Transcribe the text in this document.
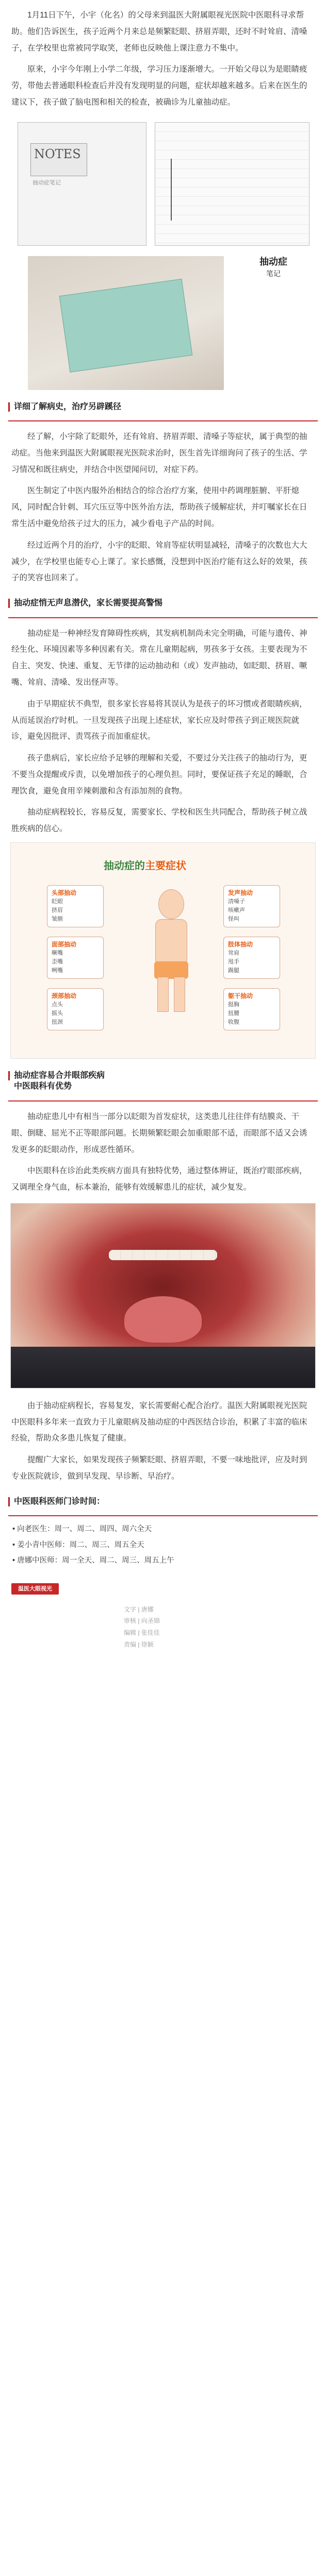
1月11日下午，小宇（化名）的父母来到温医大附属眼视光医院中医眼科寻求帮助。他们告诉医生，孩子近两个月来总是频繁眨眼、挤眉弄眼，还时不时耸肩、清嗓子，在学校里也常被同学取笑，老师也反映他上课注意力不集中。

原来，小宇今年刚上小学二年级，学习压力逐渐增大。一开始父母以为是眼睛疲劳，带他去普通眼科检查后并没有发现明显的问题，症状却越来越多。后来在医生的建议下，孩子做了脑电图和相关的检查，被确诊为儿童抽动症。

NOTES
抽动症笔记
抽动症
笔记
详细了解病史，治疗另辟蹊径

经了解，小宇除了眨眼外，还有耸肩、挤眉弄眼、清嗓子等症状，属于典型的抽动症。当他来到温医大附属眼视光医院求治时，医生首先详细询问了孩子的生活、学习情况和既往病史，并结合中医望闻问切，对症下药。

医生制定了中医内服外治相结合的综合治疗方案，使用中药调理脏腑、平肝熄风，同时配合针刺、耳穴压豆等中医外治方法，帮助孩子缓解症状，并叮嘱家长在日常生活中避免给孩子过大的压力，减少看电子产品的时间。

经过近两个月的治疗，小宇的眨眼、耸肩等症状明显减轻，清嗓子的次数也大大减少，在学校里也能专心上课了。家长感慨，没想到中医治疗能有这么好的效果，孩子的笑容也回来了。

抽动症悄无声息潜伏，家长需要提高警惕

抽动症是一种神经发育障碍性疾病，其发病机制尚未完全明确，可能与遗传、神经生化、环境因素等多种因素有关。常在儿童期起病，男孩多于女孩。主要表现为不自主、突发、快速、重复、无节律的运动抽动和（或）发声抽动，如眨眼、挤眉、噘嘴、耸肩、清嗓、发出怪声等。

由于早期症状不典型，很多家长容易将其误认为是孩子的坏习惯或者眼睛疾病，从而延误治疗时机。一旦发现孩子出现上述症状，家长应及时带孩子到正规医院就诊，避免因批评、责骂孩子而加重症状。

孩子患病后，家长应给予足够的理解和关爱，不要过分关注孩子的抽动行为，更不要当众提醒或斥责，以免增加孩子的心理负担。同时，要保证孩子充足的睡眠，合理饮食，避免食用辛辣刺激和含有添加剂的食物。

抽动症病程较长，容易反复，需要家长、学校和医生共同配合，帮助孩子树立战胜疾病的信心。

抽动症的主要症状
头部抽动
眨眼
挤眉
皱额
面部抽动
噘嘴
歪嘴
咧嘴
颈部抽动
点头
摇头
扭颈
发声抽动
清嗓子
咳嗽声
怪叫
肢体抽动
耸肩
甩手
踢腿
躯干抽动
挺胸
扭腰
收腹
抽动症容易合并眼部疾病
中医眼科有优势

抽动症患儿中有相当一部分以眨眼为首发症状，这类患儿往往伴有结膜炎、干眼、倒睫、屈光不正等眼部问题。长期频繁眨眼会加重眼部不适，而眼部不适又会诱发更多的眨眼动作，形成恶性循环。

中医眼科在诊治此类疾病方面具有独特优势，通过整体辨证，既治疗眼部疾病，又调理全身气血，标本兼治，能够有效缓解患儿的症状，减少复发。

由于抽动症病程长，容易复发，家长需要耐心配合治疗。温医大附属眼视光医院中医眼科多年来一直致力于儿童眼病及抽动症的中西医结合诊治，积累了丰富的临床经验，帮助众多患儿恢复了健康。

提醒广大家长，如果发现孩子频繁眨眼、挤眉弄眼，不要一味地批评，应及时到专业医院就诊，做到早发现、早诊断、早治疗。

中医眼科医师门诊时间：
• 向老医生：周一、周二、周四、周六全天
• 姜小青中医师：周二、周三、周五全天
• 唐娜中医师：周一全天、周二、周三、周五上午
温医大眼视光
文字 | 唐娜
审核 | 向圣锦
编辑 | 张佳佳
责编 | 徐颖
